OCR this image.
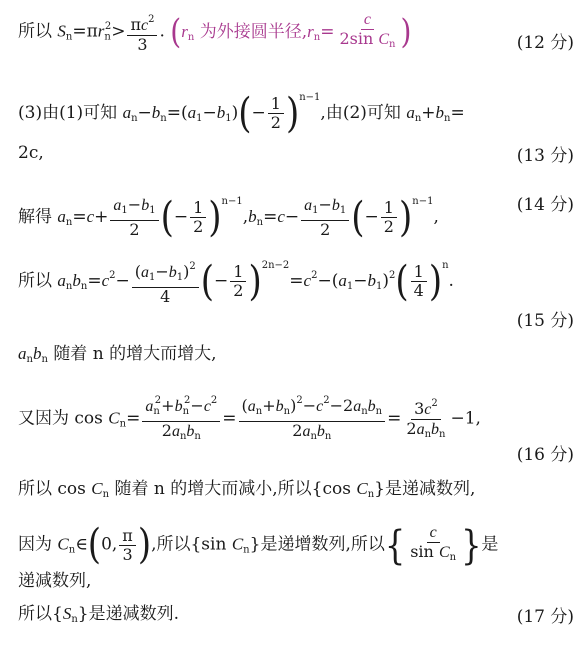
所以 $S_n=\pi r_n^2> \frac{\pi c^2}{3}$ . ($r_n$ 为外接圆半径$,r_n= \frac{c}{2\sin C_n}$ )	(12 分)
(3)由(1)可知 $a_n-b_n=(a_1-b_1)(- \frac{1}{2} )^{n-1}$,由(2)可知 $a_n+b_n=$
2c,	(13 分)
解得 $a_n=c+ \frac{a_1-b_1}{2}$ (− $\frac{1}{2} )^{n-1},b_n=c- \frac{a_1-b_1}{2}$ (− $\frac{1}{2} )^{n-1}$,
(14 分)
所以 $a_nb_n=c^2- \frac{(a_1-b_1)^2}{4}$ (− $\frac{1}{2} )^{2n-2}=c^2-(a_1-b_1)^2( \frac{1}{4} )^n$.
(15 分)
$a_nb_n$ 随着 n 的增大而增大,
又因为 $\cos C_n= \frac{a_n^2+b_n^2-c^2}{2a_nb_n} = \frac{(a_n+b_n)^2-c^2-2a_nb_n}{2a_nb_n} = \frac{3c^2}{2a_nb_n} -1$,
(16 分)
所以 $\cos C_n$ 随着 n 的增大而减小,所以{cos $C_n$}是递减数列,
因为 $C_n\in(0$, $\frac{\pi}{3}$ ),所以{sin $C_n$}是递增数列,所以{ $\frac{c}{\sin C_n}$ }是
递减数列,
所以$\{S_n\}$是递减数列.	(17 分)
